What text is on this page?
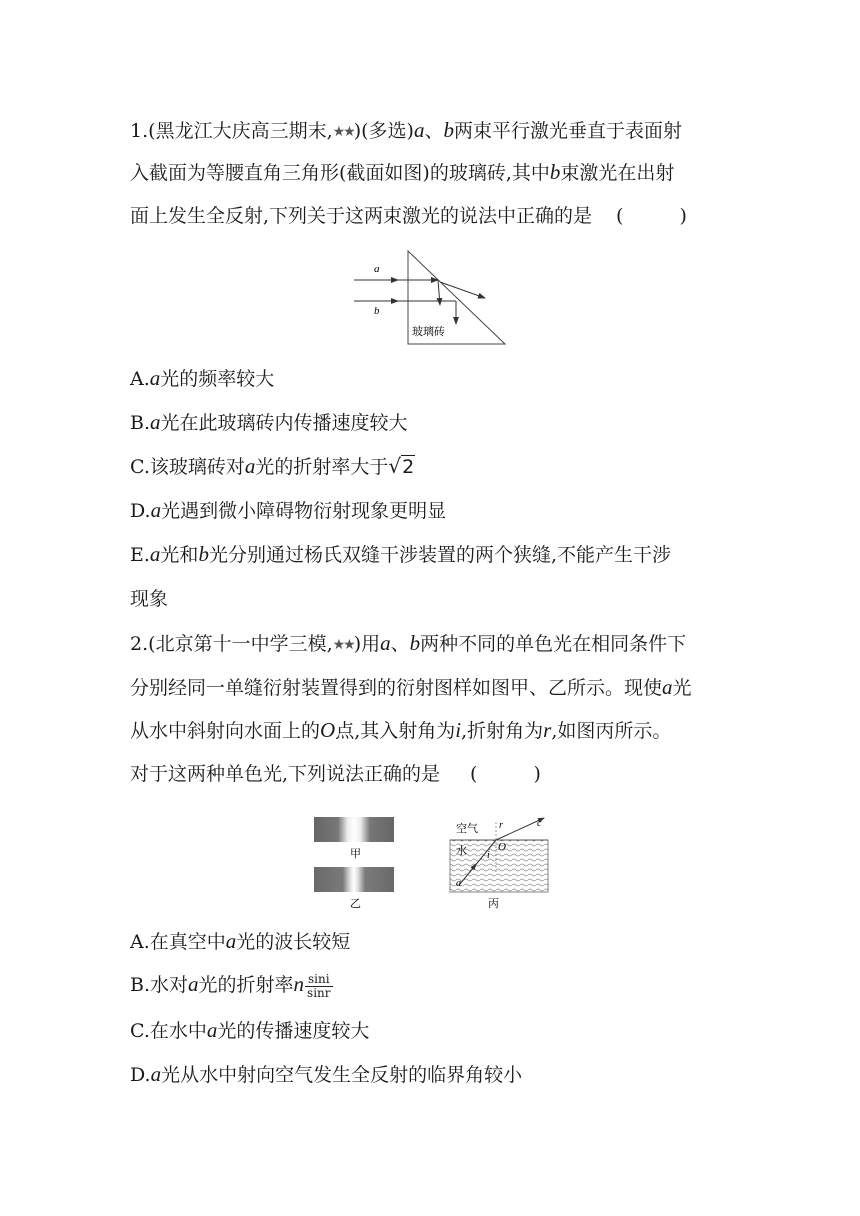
1.(黑龙江大庆高三期末,★★)(多选)a、b两束平行激光垂直于表面射
入截面为等腰直角三角形(截面如图)的玻璃砖,其中b束激光在出射
面上发生全反射,下列关于这两束激光的说法中正确的是 (	)
a
b
玻璃砖
A.a光的频率较大
B.a光在此玻璃砖内传播速度较大
C.该玻璃砖对a光的折射率大于√2
D.a光遇到微小障碍物衍射现象更明显
E.a光和b光分别通过杨氏双缝干涉装置的两个狭缝,不能产生干涉
现象
2.(北京第十一中学三模,★★)用a、b两种不同的单色光在相同条件下
分别经同一单缝衍射装置得到的衍射图样如图甲、乙所示。现使a光
从水中斜射向水面上的O点,其入射角为i,折射角为r,如图丙所示。
对于这两种单色光,下列说法正确的是 (	)
甲
乙
空气
水
r	c
O
i
a
丙
A.在真空中a光的波长较短
B.水对a光的折射率n $\frac{\sin i}{\sin r}$
C.在水中a光的传播速度较大
D.a光从水中射向空气发生全反射的临界角较小
